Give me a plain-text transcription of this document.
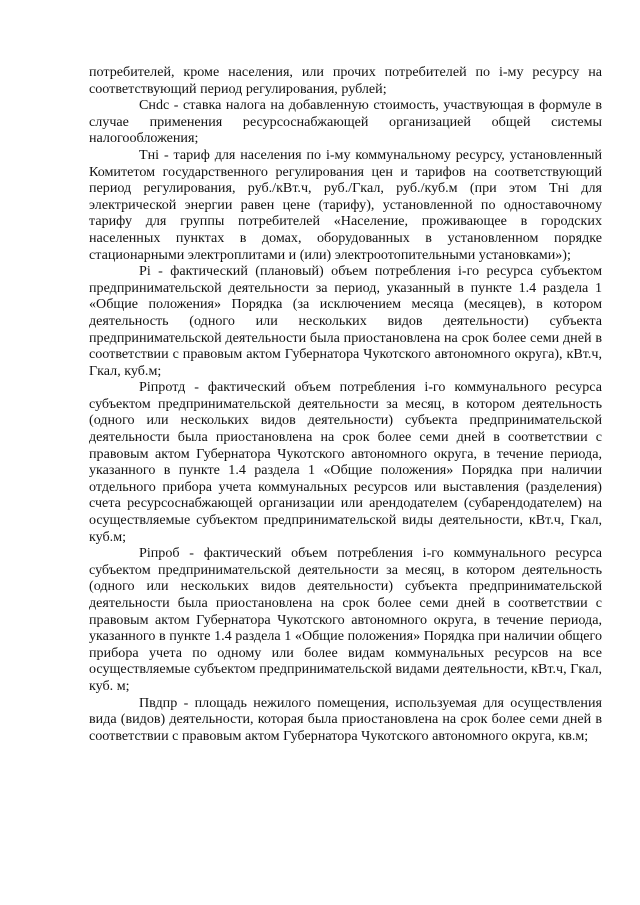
потребителей, кроме населения, или прочих потребителей по i-му ресурсу на соответствующий период регулирования, рублей;

Снdc - ставка налога на добавленную стоимость, участвующая в формуле в случае применения ресурсоснабжающей организацией общей системы налогообложения;

Тнi - тариф для населения по i-му коммунальному ресурсу, установленный Комитетом государственного регулирования цен и тарифов на соответствующий период регулирования, руб./кВт.ч, руб./Гкал, руб./куб.м (при этом Тнi для электрической энергии равен цене (тарифу), установленной по одноставочному тарифу для группы потребителей «Население, проживающее в городских населенных пунктах в домах, оборудованных в установленном порядке стационарными электроплитами и (или) электроотопительными установками»);

Рi - фактический (плановый) объем потребления i-го ресурса субъектом предпринимательской деятельности за период, указанный в пункте 1.4 раздела 1 «Общие положения» Порядка (за исключением месяца (месяцев), в котором деятельность (одного или нескольких видов деятельности) субъекта предпринимательской деятельности была приостановлена на срок более семи дней в соответствии с правовым актом Губернатора Чукотского автономного округа), кВт.ч, Гкал, куб.м;

Рiпротд - фактический объем потребления i-го коммунального ресурса субъектом предпринимательской деятельности за месяц, в котором деятельность (одного или нескольких видов деятельности) субъекта предпринимательской деятельности была приостановлена на срок более семи дней в соответствии с правовым актом Губернатора Чукотского автономного округа, в течение периода, указанного в пункте 1.4 раздела 1 «Общие положения» Порядка при наличии отдельного прибора учета коммунальных ресурсов или выставления (разделения) счета ресурсоснабжающей организации или арендодателем (субарендодателем) на осуществляемые субъектом предпринимательской виды деятельности, кВт.ч, Гкал, куб.м;

Рiпроб - фактический объем потребления i-го коммунального ресурса субъектом предпринимательской деятельности за месяц, в котором деятельность (одного или нескольких видов деятельности) субъекта предпринимательской деятельности была приостановлена на срок более семи дней в соответствии с правовым актом Губернатора Чукотского автономного округа, в течение периода, указанного в пункте 1.4 раздела 1 «Общие положения» Порядка при наличии общего прибора учета по одному или более видам коммунальных ресурсов на все осуществляемые субъектом предпринимательской видами деятельности, кВт.ч, Гкал, куб. м;

Пвдпр - площадь нежилого помещения, используемая для осуществления вида (видов) деятельности, которая была приостановлена на срок более семи дней в соответствии с правовым актом Губернатора Чукотского автономного округа, кв.м;
